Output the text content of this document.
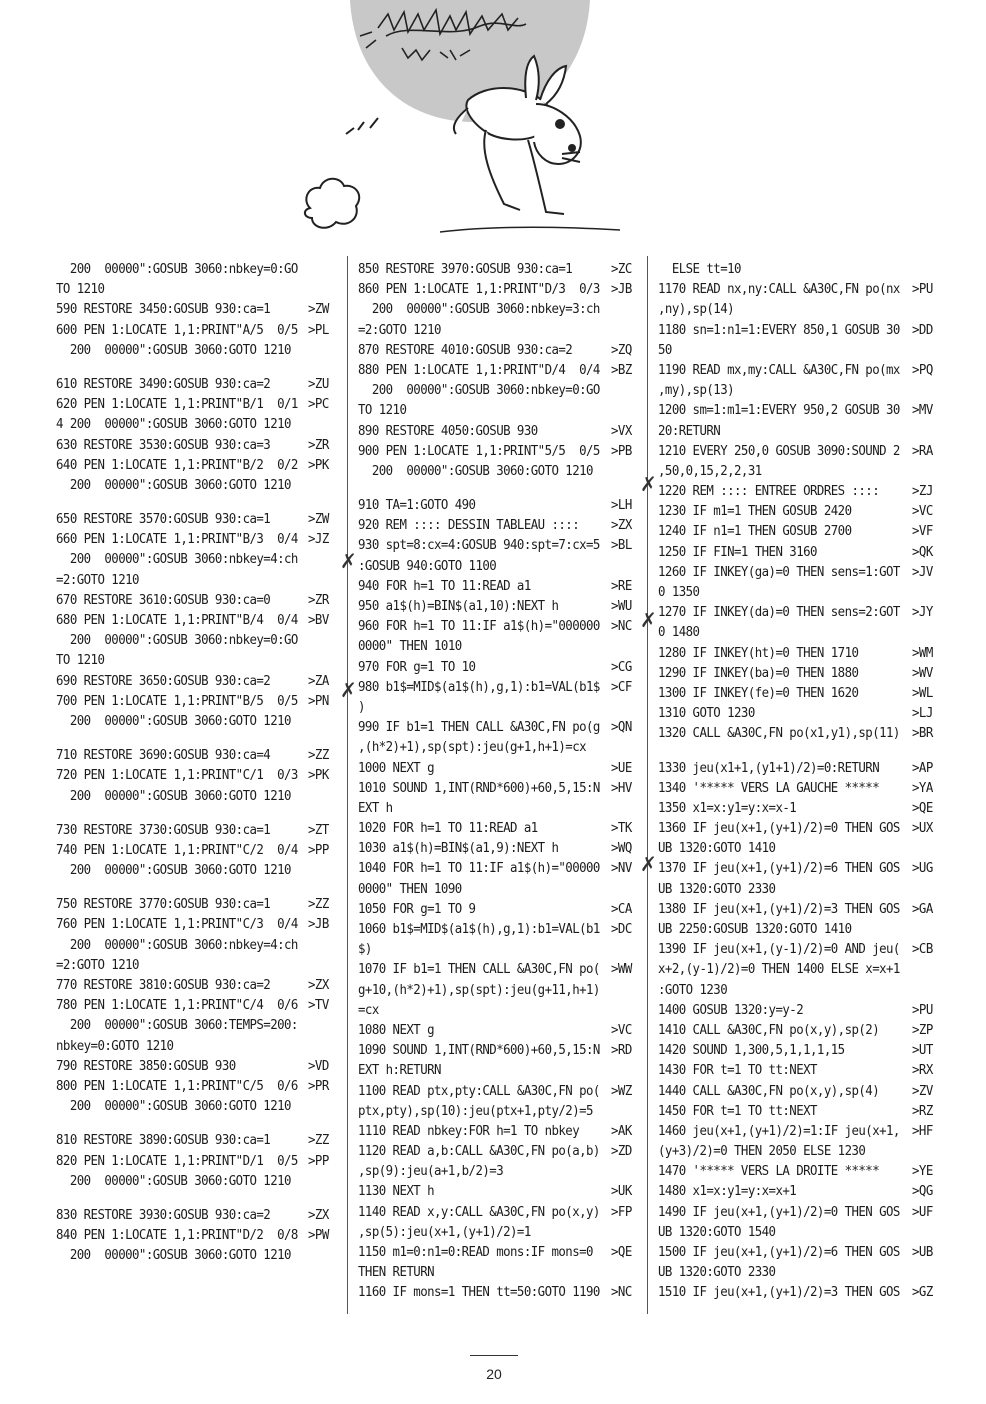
200  00000":GOSUB 3060:nbkey=0:GO
TO 1210
590 RESTORE 3450:GOSUB 930:ca=1	>ZW
600 PEN 1:LOCATE 1,1:PRINT"A/5  0/5 >PL
200  00000":GOSUB 3060:GOTO 1210
610 RESTORE 3490:GOSUB 930:ca=2	>ZU
620 PEN 1:LOCATE 1,1:PRINT"B/1  0/1 >PC
4 200  00000":GOSUB 3060:GOTO 1210
630 RESTORE 3530:GOSUB 930:ca=3	>ZR
640 PEN 1:LOCATE 1,1:PRINT"B/2  0/2 >PK
200  00000":GOSUB 3060:GOTO 1210
650 RESTORE 3570:GOSUB 930:ca=1	>ZW
660 PEN 1:LOCATE 1,1:PRINT"B/3  0/4 >JZ
200  00000":GOSUB 3060:nbkey=4:ch
=2:GOTO 1210
670 RESTORE 3610:GOSUB 930:ca=0	>ZR
680 PEN 1:LOCATE 1,1:PRINT"B/4  0/4 >BV
200  00000":GOSUB 3060:nbkey=0:GO
TO 1210
690 RESTORE 3650:GOSUB 930:ca=2	>ZA
700 PEN 1:LOCATE 1,1:PRINT"B/5  0/5 >PN
200  00000":GOSUB 3060:GOTO 1210
710 RESTORE 3690:GOSUB 930:ca=4	>ZZ
720 PEN 1:LOCATE 1,1:PRINT"C/1  0/3 >PK
200  00000":GOSUB 3060:GOTO 1210
730 RESTORE 3730:GOSUB 930:ca=1	>ZT
740 PEN 1:LOCATE 1,1:PRINT"C/2  0/4 >PP
200  00000":GOSUB 3060:GOTO 1210
750 RESTORE 3770:GOSUB 930:ca=1	>ZZ
760 PEN 1:LOCATE 1,1:PRINT"C/3  0/4 >JB
200  00000":GOSUB 3060:nbkey=4:ch
=2:GOTO 1210
770 RESTORE 3810:GOSUB 930:ca=2	>ZX
780 PEN 1:LOCATE 1,1:PRINT"C/4  0/6 >TV
200  00000":GOSUB 3060:TEMPS=200:
nbkey=0:GOTO 1210
790 RESTORE 3850:GOSUB 930	>VD
800 PEN 1:LOCATE 1,1:PRINT"C/5  0/6 >PR
200  00000":GOSUB 3060:GOTO 1210
810 RESTORE 3890:GOSUB 930:ca=1	>ZZ
820 PEN 1:LOCATE 1,1:PRINT"D/1  0/5 >PP
200  00000":GOSUB 3060:GOTO 1210
830 RESTORE 3930:GOSUB 930:ca=2	>ZX
840 PEN 1:LOCATE 1,1:PRINT"D/2  0/8 >PW
200  00000":GOSUB 3060:GOTO 1210
850 RESTORE 3970:GOSUB 930:ca=1	>ZC
860 PEN 1:LOCATE 1,1:PRINT"D/3  0/3 >JB
200  00000":GOSUB 3060:nbkey=3:ch
=2:GOTO 1210
870 RESTORE 4010:GOSUB 930:ca=2	>ZQ
880 PEN 1:LOCATE 1,1:PRINT"D/4  0/4 >BZ
200  00000":GOSUB 3060:nbkey=0:GO
TO 1210
890 RESTORE 4050:GOSUB 930	>VX
900 PEN 1:LOCATE 1,1:PRINT"5/5  0/5 >PB
200  00000":GOSUB 3060:GOTO 1210
910 TA=1:GOTO 490	>LH
920 REM :::: DESSIN TABLEAU ::::	>ZX
930 spt=8:cx=4:GOSUB 940:spt=7:cx=5 >BL
:GOSUB 940:GOTO 1100
940 FOR h=1 TO 11:READ a1	>RE
950 a1$(h)=BIN$(a1,10):NEXT h	>WU
960 FOR h=1 TO 11:IF a1$(h)="000000 >NC
0000" THEN 1010
970 FOR g=1 TO 10	>CG
980 b1$=MID$(a1$(h),g,1):b1=VAL(b1$ >CF
)
990 IF b1=1 THEN CALL &A30C,FN po(g >QN
,(h*2)+1),sp(spt):jeu(g+1,h+1)=cx
1000 NEXT g	>UE
1010 SOUND 1,INT(RND*600)+60,5,15:N >HV
EXT h
1020 FOR h=1 TO 11:READ a1	>TK
1030 a1$(h)=BIN$(a1,9):NEXT h	>WQ
1040 FOR h=1 TO 11:IF a1$(h)="00000 >NV
0000" THEN 1090
1050 FOR g=1 TO 9	>CA
1060 b1$=MID$(a1$(h),g,1):b1=VAL(b1 >DC
$)
1070 IF b1=1 THEN CALL &A30C,FN po( >WW
g+10,(h*2)+1),sp(spt):jeu(g+11,h+1)
=cx
1080 NEXT g	>VC
1090 SOUND 1,INT(RND*600)+60,5,15:N >RD
EXT h:RETURN
1100 READ ptx,pty:CALL &A30C,FN po( >WZ
ptx,pty),sp(10):jeu(ptx+1,pty/2)=5
1110 READ nbkey:FOR h=1 TO nbkey	>AK
1120 READ a,b:CALL &A30C,FN po(a,b) >ZD
,sp(9):jeu(a+1,b/2)=3
1130 NEXT h	>UK
1140 READ x,y:CALL &A30C,FN po(x,y) >FP
,sp(5):jeu(x+1,(y+1)/2)=1
1150 m1=0:n1=0:READ mons:IF mons=0	>QE
THEN RETURN
1160 IF mons=1 THEN tt=50:GOTO 1190 >NC
ELSE tt=10
1170 READ nx,ny:CALL &A30C,FN po(nx >PU
,ny),sp(14)
1180 sn=1:n1=1:EVERY 850,1 GOSUB 30 >DD
50
1190 READ mx,my:CALL &A30C,FN po(mx >PQ
,my),sp(13)
1200 sm=1:m1=1:EVERY 950,2 GOSUB 30 >MV
20:RETURN
1210 EVERY 250,0 GOSUB 3090:SOUND 2 >RA
,50,0,15,2,2,31
1220 REM :::: ENTREE ORDRES ::::	>ZJ
1230 IF m1=1 THEN GOSUB 2420	>VC
1240 IF n1=1 THEN GOSUB 2700	>VF
1250 IF FIN=1 THEN 3160	>QK
1260 IF INKEY(ga)=0 THEN sens=1:GOT >JV
0 1350
1270 IF INKEY(da)=0 THEN sens=2:GOT >JY
0 1480
1280 IF INKEY(ht)=0 THEN 1710	>WM
1290 IF INKEY(ba)=0 THEN 1880	>WV
1300 IF INKEY(fe)=0 THEN 1620	>WL
1310 GOTO 1230	>LJ
1320 CALL &A30C,FN po(x1,y1),sp(11) >BR
1330 jeu(x1+1,(y1+1)/2)=0:RETURN	>AP
1340 '***** VERS LA GAUCHE *****	>YA
1350 x1=x:y1=y:x=x-1	>QE
1360 IF jeu(x+1,(y+1)/2)=0 THEN GOS >UX
UB 1320:GOTO 1410
1370 IF jeu(x+1,(y+1)/2)=6 THEN GOS >UG
UB 1320:GOTO 2330
1380 IF jeu(x+1,(y+1)/2)=3 THEN GOS >GA
UB 2250:GOSUB 1320:GOTO 1410
1390 IF jeu(x+1,(y-1)/2)=0 AND jeu( >CB
x+2,(y-1)/2)=0 THEN 1400 ELSE x=x+1
:GOTO 1230
1400 GOSUB 1320:y=y-2	>PU
1410 CALL &A30C,FN po(x,y),sp(2)	>ZP
1420 SOUND 1,300,5,1,1,1,15	>UT
1430 FOR t=1 TO tt:NEXT	>RX
1440 CALL &A30C,FN po(x,y),sp(4)	>ZV
1450 FOR t=1 TO tt:NEXT	>RZ
1460 jeu(x+1,(y+1)/2)=1:IF jeu(x+1, >HF
(y+3)/2)=0 THEN 2050 ELSE 1230
1470 '***** VERS LA DROITE *****	>YE
1480 x1=x:y1=y:x=x+1	>QG
1490 IF jeu(x+1,(y+1)/2)=0 THEN GOS >UF
UB 1320:GOTO 1540
1500 IF jeu(x+1,(y+1)/2)=6 THEN GOS >UB
UB 1320:GOTO 2330
1510 IF jeu(x+1,(y+1)/2)=3 THEN GOS >GZ
✗
✗
✗
✗
✗
20
